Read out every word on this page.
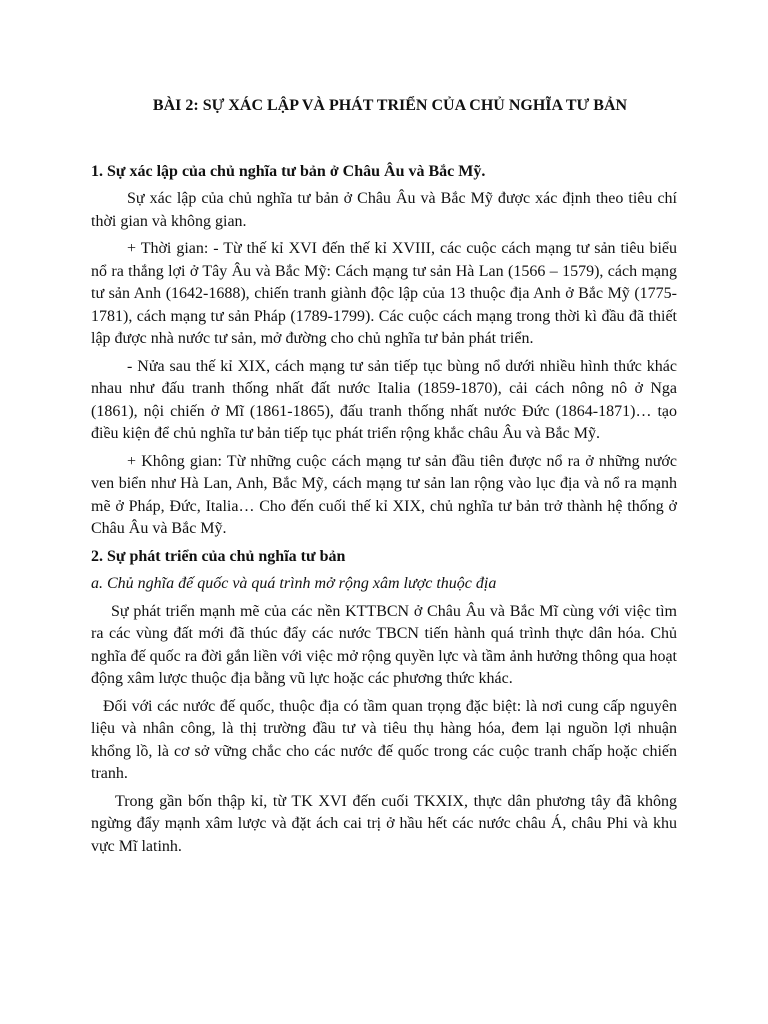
BÀI 2: SỰ XÁC LẬP VÀ PHÁT TRIỂN CỦA CHỦ NGHĨA TƯ BẢN
1. Sự xác lập của chủ nghĩa tư bản ở Châu Âu và Bắc Mỹ.
Sự xác lập của chủ nghĩa tư bản ở Châu Âu và Bắc Mỹ được xác định theo tiêu chí thời gian và không gian.
+ Thời gian: - Từ thế kỉ XVI đến thế kỉ XVIII, các cuộc cách mạng tư sản tiêu biểu nổ ra thắng lợi ở Tây Âu và Bắc Mỹ: Cách mạng tư sản Hà Lan (1566 – 1579), cách mạng tư sản Anh (1642-1688), chiến tranh giành độc lập của 13 thuộc địa Anh ở Bắc Mỹ (1775-1781), cách mạng tư sản Pháp (1789-1799). Các cuộc cách mạng trong thời kì đầu đã thiết lập được nhà nước tư sản, mở đường cho chủ nghĩa tư bản phát triển.
- Nửa sau thế kỉ XIX, cách mạng tư sản tiếp tục bùng nổ dưới nhiều hình thức khác nhau như đấu tranh thống nhất đất nước Italia (1859-1870), cải cách nông nô ở Nga (1861), nội chiến ở Mĩ (1861-1865), đấu tranh thống nhất nước Đức (1864-1871)… tạo điều kiện để chủ nghĩa tư bản tiếp tục phát triển rộng khắc châu Âu và Bắc Mỹ.
+ Không gian: Từ những cuộc cách mạng tư sản đầu tiên được nổ ra ở những nước ven biển như Hà Lan, Anh, Bắc Mỹ, cách mạng tư sản lan rộng vào lục địa và nổ ra mạnh mẽ ở Pháp, Đức, Italia… Cho đến cuối thế kỉ XIX, chủ nghĩa tư bản trở thành hệ thống ở Châu Âu và Bắc Mỹ.
2. Sự phát triển của chủ nghĩa tư bản
a. Chủ nghĩa đế quốc và quá trình mở rộng xâm lược thuộc địa
Sự phát triển mạnh mẽ của các nền KTTBCN ở Châu Âu và Bắc Mĩ cùng với việc tìm ra các vùng đất mới đã thúc đẩy các nước TBCN tiến hành quá trình thực dân hóa. Chủ nghĩa đế quốc ra đời gắn liền với việc mở rộng quyền lực và tầm ảnh hưởng thông qua hoạt động xâm lược thuộc địa bằng vũ lực hoặc các phương thức khác.
Đối với các nước đế quốc, thuộc địa có tầm quan trọng đặc biệt: là nơi cung cấp nguyên liệu và nhân công, là thị trường đầu tư và tiêu thụ hàng hóa, đem lại nguồn lợi nhuận khổng lồ, là cơ sở vững chắc cho các nước đế quốc trong các cuộc tranh chấp hoặc chiến tranh.
Trong gần bốn thập kỉ, từ TK XVI đến cuối TKXIX, thực dân phương tây đã không ngừng đẩy mạnh xâm lược và đặt ách cai trị ở hầu hết các nước châu Á, châu Phi và khu vực Mĩ latinh.
